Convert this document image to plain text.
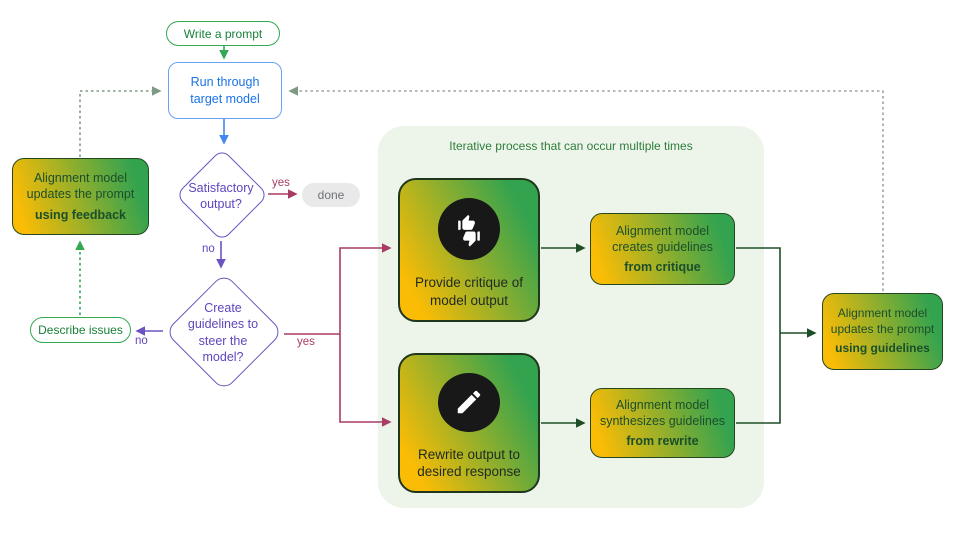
Iterative process that can occur multiple times
yes
no
no	yes
Write a prompt
Run through target model
Satisfactory output?
done
Create guidelines to steer the model?
Describe issues
Alignment model updates the prompt
using feedback
Provide critique of model output
Alignment model creates guidelines
from critique
Rewrite output to desired response
Alignment model synthesizes guidelines
from rewrite
Alignment model updates the prompt
using guidelines
